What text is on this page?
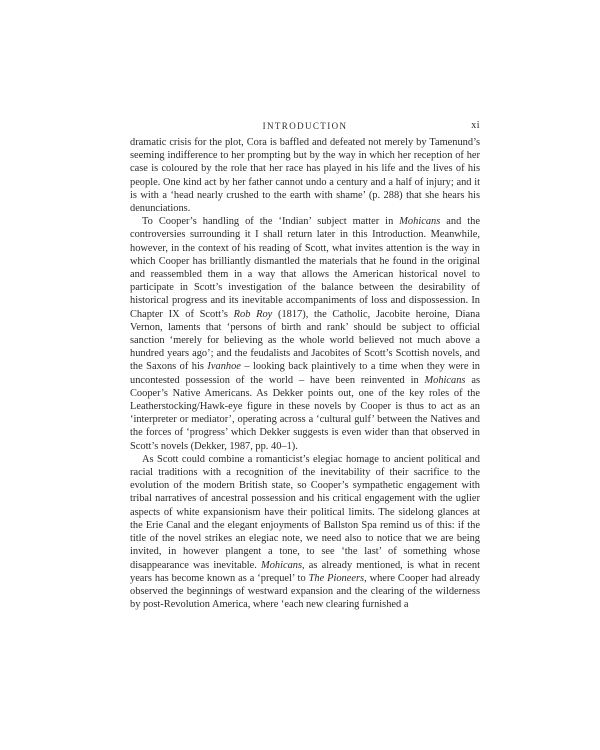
INTRODUCTION	xi

dramatic crisis for the plot, Cora is baffled and defeated not merely by Tamenund’s seeming indifference to her prompting but by the way in which her reception of her case is coloured by the role that her race has played in his life and the lives of his people. One kind act by her father cannot undo a century and a half of injury; and it is with a ‘head nearly crushed to the earth with shame’ (p. 288) that she hears his denunciations.

To Cooper’s handling of the ‘Indian’ subject matter in Mohicans and the controversies surrounding it I shall return later in this Introduction. Meanwhile, however, in the context of his reading of Scott, what invites attention is the way in which Cooper has brilliantly dismantled the materials that he found in the original and reassembled them in a way that allows the American historical novel to participate in Scott’s investigation of the balance between the desirability of historical progress and its inevitable accompaniments of loss and dispossession. In Chapter IX of Scott’s Rob Roy (1817), the Catholic, Jacobite heroine, Diana Vernon, laments that ‘persons of birth and rank’ should be subject to official sanction ‘merely for believing as the whole world believed not much above a hundred years ago’; and the feudalists and Jacobites of Scott’s Scottish novels, and the Saxons of his Ivanhoe – looking back plaintively to a time when they were in uncontested possession of the world – have been reinvented in Mohicans as Cooper’s Native Americans. As Dekker points out, one of the key roles of the Leatherstocking/Hawk-eye figure in these novels by Cooper is thus to act as an ‘interpreter or mediator’, operating across a ‘cultural gulf’ between the Natives and the forces of ‘progress’ which Dekker suggests is even wider than that observed in Scott’s novels (Dekker, 1987, pp. 40–1).

As Scott could combine a romanticist’s elegiac homage to ancient political and racial traditions with a recognition of the inevitability of their sacrifice to the evolution of the modern British state, so Cooper’s sympathetic engagement with tribal narratives of ancestral possession and his critical engagement with the uglier aspects of white expansionism have their political limits. The sidelong glances at the Erie Canal and the elegant enjoyments of Ballston Spa remind us of this: if the title of the novel strikes an elegiac note, we need also to notice that we are being invited, in however plangent a tone, to see ‘the last’ of something whose disappearance was inevitable. Mohicans, as already mentioned, is what in recent years has become known as a ‘prequel’ to The Pioneers, where Cooper had already observed the beginnings of westward expansion and the clearing of the wilderness by post-Revolution America, where ‘each new clearing furnished a
